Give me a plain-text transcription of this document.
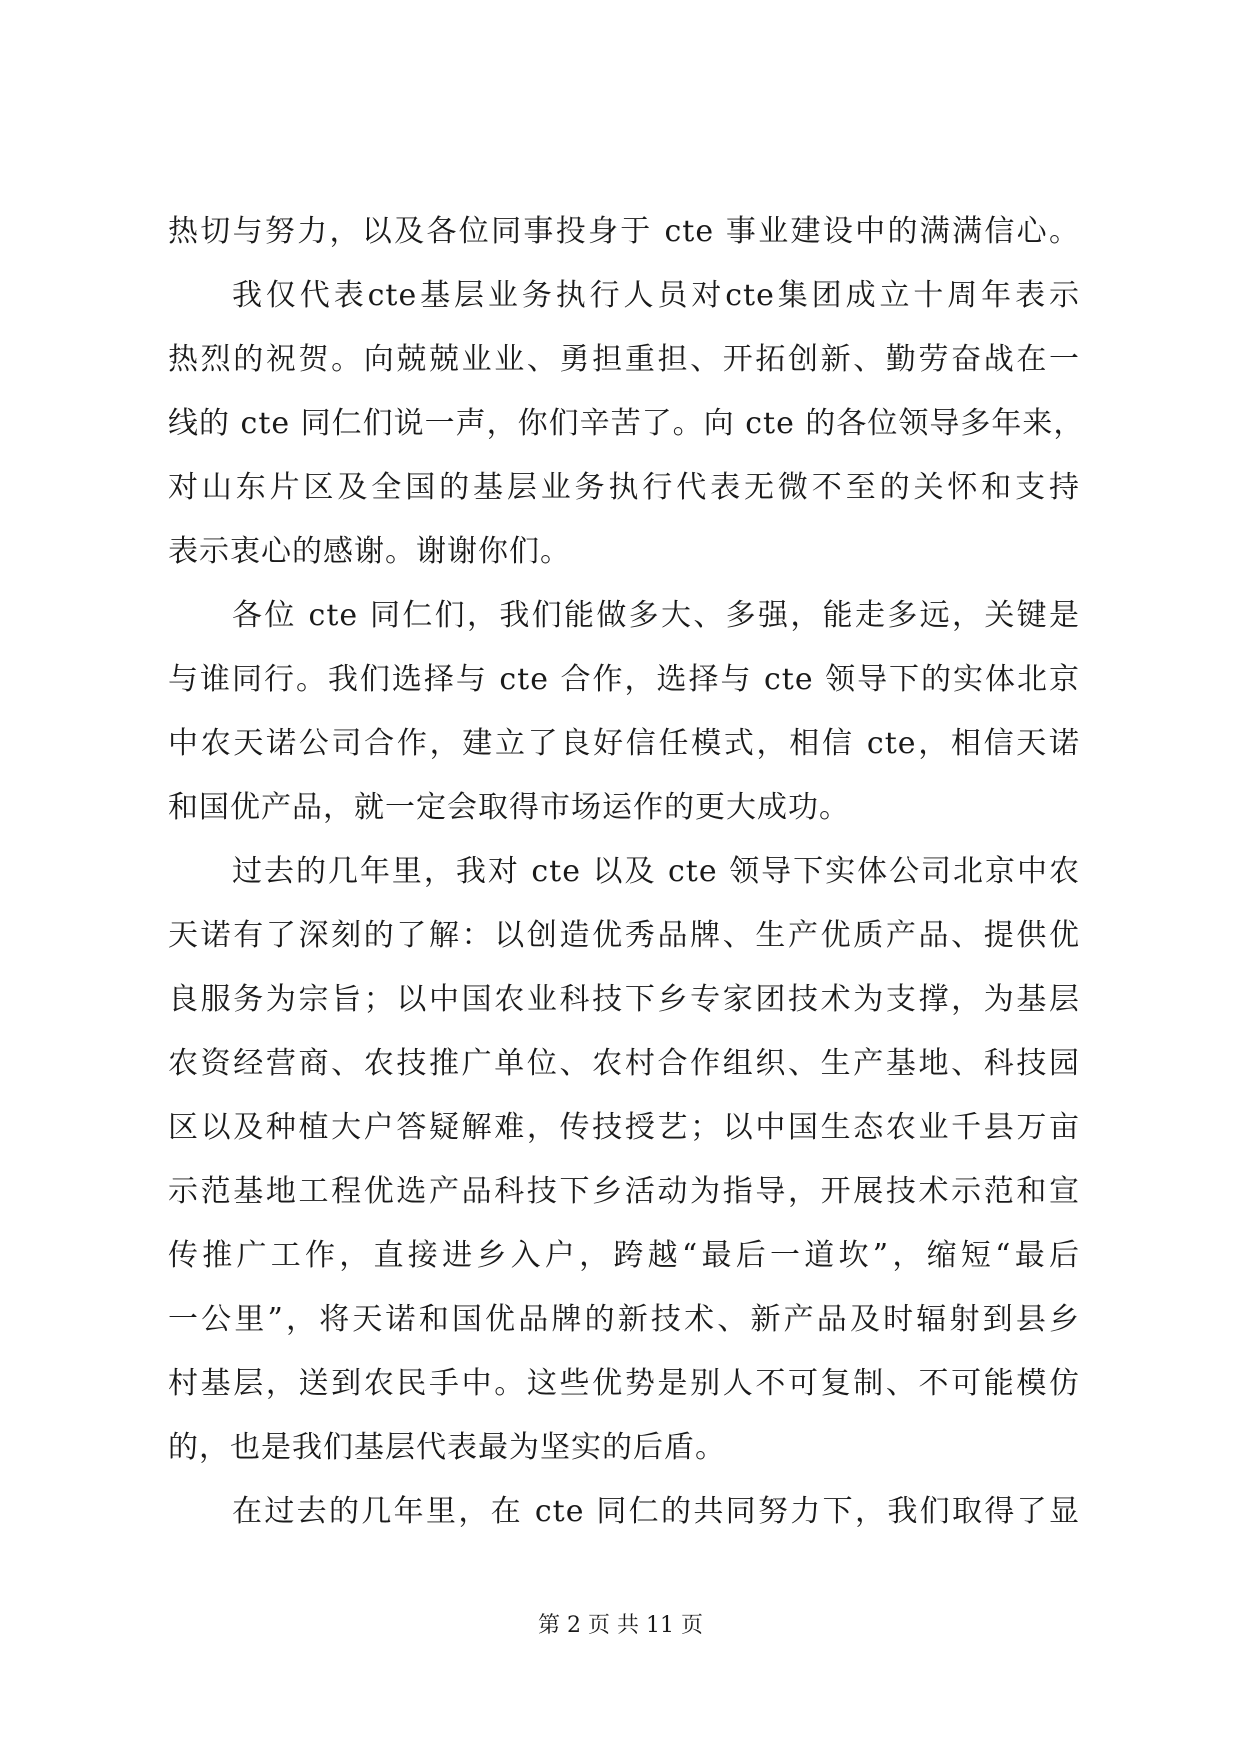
热切与努力，以及各位同事投身于 cte 事业建设中的满满信心。
我仅代表cte基层业务执行人员对cte集团成立十周年表示
热烈的祝贺。向兢兢业业、勇担重担、开拓创新、勤劳奋战在一
线的 cte 同仁们说一声，你们辛苦了。向 cte 的各位领导多年来，
对山东片区及全国的基层业务执行代表无微不至的关怀和支持
表示衷心的感谢。谢谢你们。
各位 cte 同仁们，我们能做多大、多强，能走多远，关键是
与谁同行。我们选择与 cte 合作，选择与 cte 领导下的实体北京
中农天诺公司合作，建立了良好信任模式，相信 cte，相信天诺
和国优产品，就一定会取得市场运作的更大成功。
过去的几年里，我对 cte 以及 cte 领导下实体公司北京中农
天诺有了深刻的了解：以创造优秀品牌、生产优质产品、提供优
良服务为宗旨；以中国农业科技下乡专家团技术为支撑，为基层
农资经营商、农技推广单位、农村合作组织、生产基地、科技园
区以及种植大户答疑解难，传技授艺；以中国生态农业千县万亩
示范基地工程优选产品科技下乡活动为指导，开展技术示范和宣
传推广工作，直接进乡入户，跨越“最后一道坎”，缩短“最后
一公里”，将天诺和国优品牌的新技术、新产品及时辐射到县乡
村基层，送到农民手中。这些优势是别人不可复制、不可能模仿
的，也是我们基层代表最为坚实的后盾。
在过去的几年里，在 cte 同仁的共同努力下，我们取得了显
第 2 页 共 11 页
